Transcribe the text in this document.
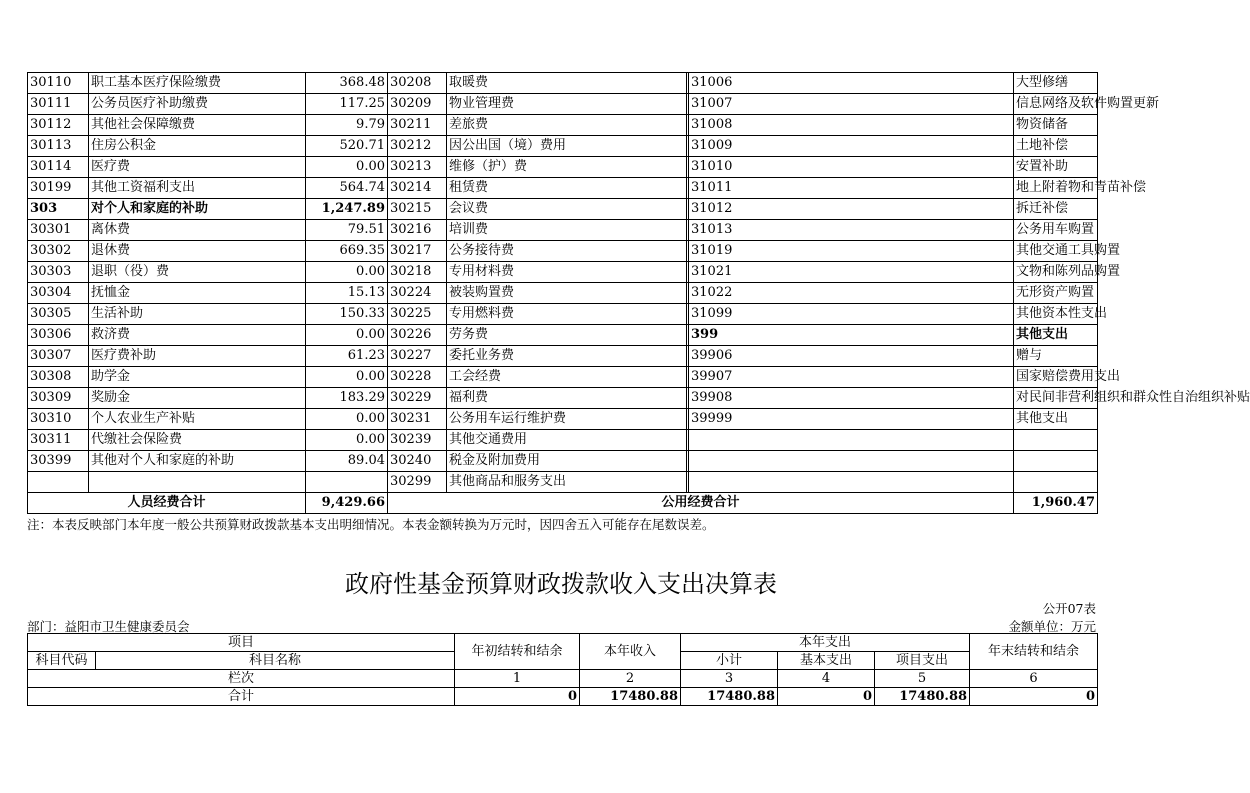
30110	职工基本医疗保险缴费	368.48	30208	取暖费		31006	大型修缮	
30111	公务员医疗补助缴费	117.25	30209	物业管理费		31007	信息网络及软件购置更新	
30112	其他社会保障缴费	9.79	30211	差旅费		31008	物资储备	
30113	住房公积金	520.71	30212	因公出国（境）费用		31009	土地补偿	
30114	医疗费	0.00	30213	维修（护）费		31010	安置补助	
30199	其他工资福利支出	564.74	30214	租赁费		31011	地上附着物和青苗补偿	
303	对个人和家庭的补助	1,247.89	30215	会议费		31012	拆迁补偿	
30301	离休费	79.51	30216	培训费		31013	公务用车购置	
30302	退休费	669.35	30217	公务接待费		31019	其他交通工具购置	
30303	退职（役）费	0.00	30218	专用材料费		31021	文物和陈列品购置	
30304	抚恤金	15.13	30224	被装购置费		31022	无形资产购置	
30305	生活补助	150.33	30225	专用燃料费		31099	其他资本性支出	
30306	救济费	0.00	30226	劳务费		399	其他支出	
30307	医疗费补助	61.23	30227	委托业务费		39906	赠与	
30308	助学金	0.00	30228	工会经费		39907	国家赔偿费用支出	
30309	奖励金	183.29	30229	福利费		39908	对民间非营利组织和群众性自治组织补贴	
30310	个人农业生产补贴	0.00	30231	公务用车运行维护费		39999	其他支出	
30311	代缴社会保险费	0.00	30239	其他交通费用				
30399	其他对个人和家庭的补助	89.04	30240	税金及附加费用				
			30299	其他商品和服务支出				
人员经费合计		9,429.66	公用经费合计				1,960.47	
注：本表反映部门本年度一般公共预算财政拨款基本支出明细情况。本表金额转换为万元时，因四舍五入可能存在尾数误差。
政府性基金预算财政拨款收入支出决算表
公开07表
部门：益阳市卫生健康委员会	金额单位：万元
项目		年初结转和结余	本年收入	本年支出			年末结转和结余
科目代码	科目名称			小计	基本支出	项目支出	
栏次		1	2	3	4	5	6
合计		0	17480.88	17480.88	0	17480.88	0
